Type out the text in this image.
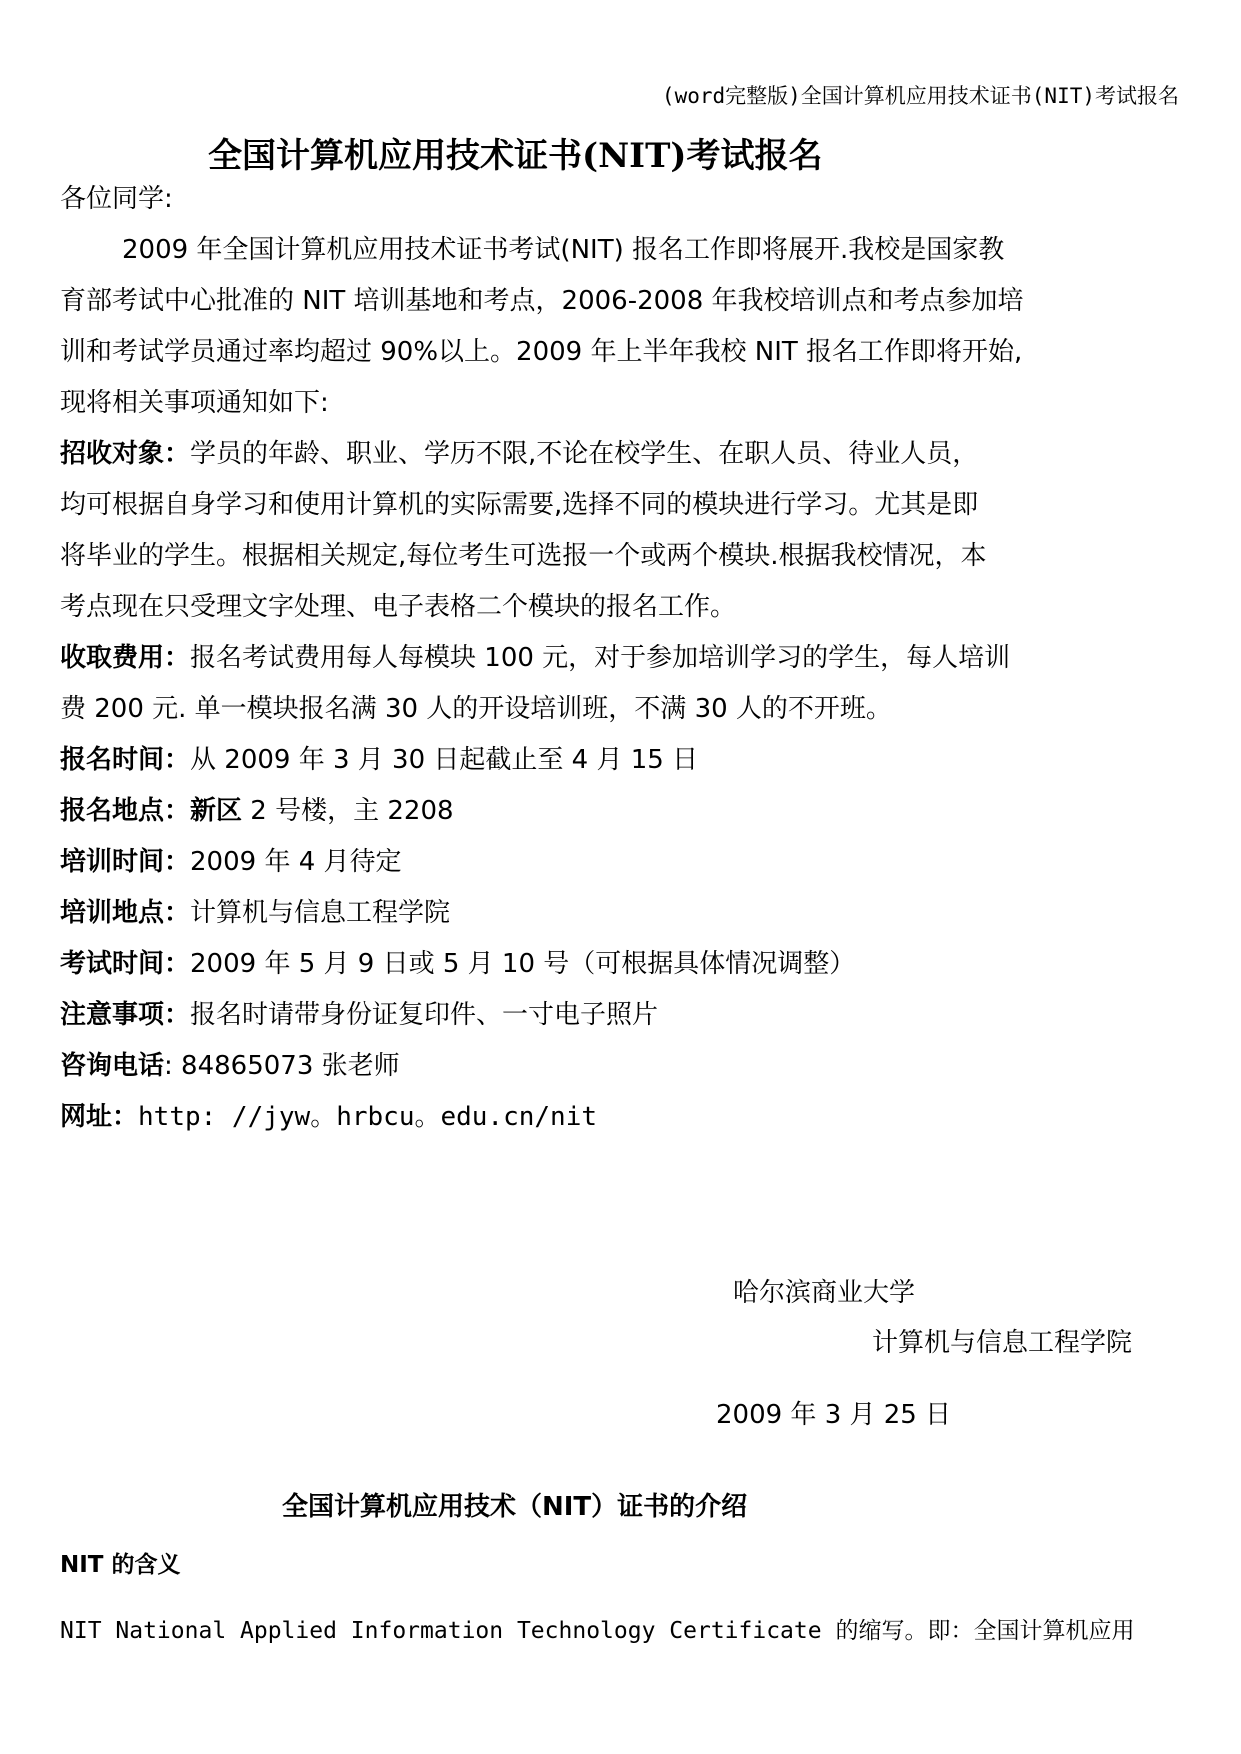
(word完整版)全国计算机应用技术证书(NIT)考试报名
全国计算机应用技术证书(NIT)考试报名

各位同学:

2009 年全国计算机应用技术证书考试(NIT) 报名工作即将展开.我校是国家教

育部考试中心批准的 NIT 培训基地和考点，2006-2008 年我校培训点和考点参加培

训和考试学员通过率均超过 90%以上。2009 年上半年我校 NIT 报名工作即将开始,

现将相关事项通知如下:

招收对象：学员的年龄、职业、学历不限,不论在校学生、在职人员、待业人员，

均可根据自身学习和使用计算机的实际需要,选择不同的模块进行学习。尤其是即

将毕业的学生。根据相关规定,每位考生可选报一个或两个模块.根据我校情况，本

考点现在只受理文字处理、电子表格二个模块的报名工作。

收取费用：报名考试费用每人每模块 100 元，对于参加培训学习的学生，每人培训

费 200 元. 单一模块报名满 30 人的开设培训班，不满 30 人的不开班。

报名时间：从 2009 年 3 月 30 日起截止至 4 月 15 日

报名地点：新区 2 号楼，主 2208

培训时间：2009 年 4 月待定

培训地点：计算机与信息工程学院

考试时间：2009 年 5 月 9 日或 5 月 10 号（可根据具体情况调整）

注意事项：报名时请带身份证复印件、一寸电子照片

咨询电话: 84865073 张老师

网址：http: //jyw。hrbcu。edu.cn/nit

哈尔滨商业大学
计算机与信息工程学院
2009 年 3 月 25 日
全国计算机应用技术（NIT）证书的介绍
NIT 的含义
NIT National Applied Information Technology Certificate 的缩写。即：全国计算机应用
